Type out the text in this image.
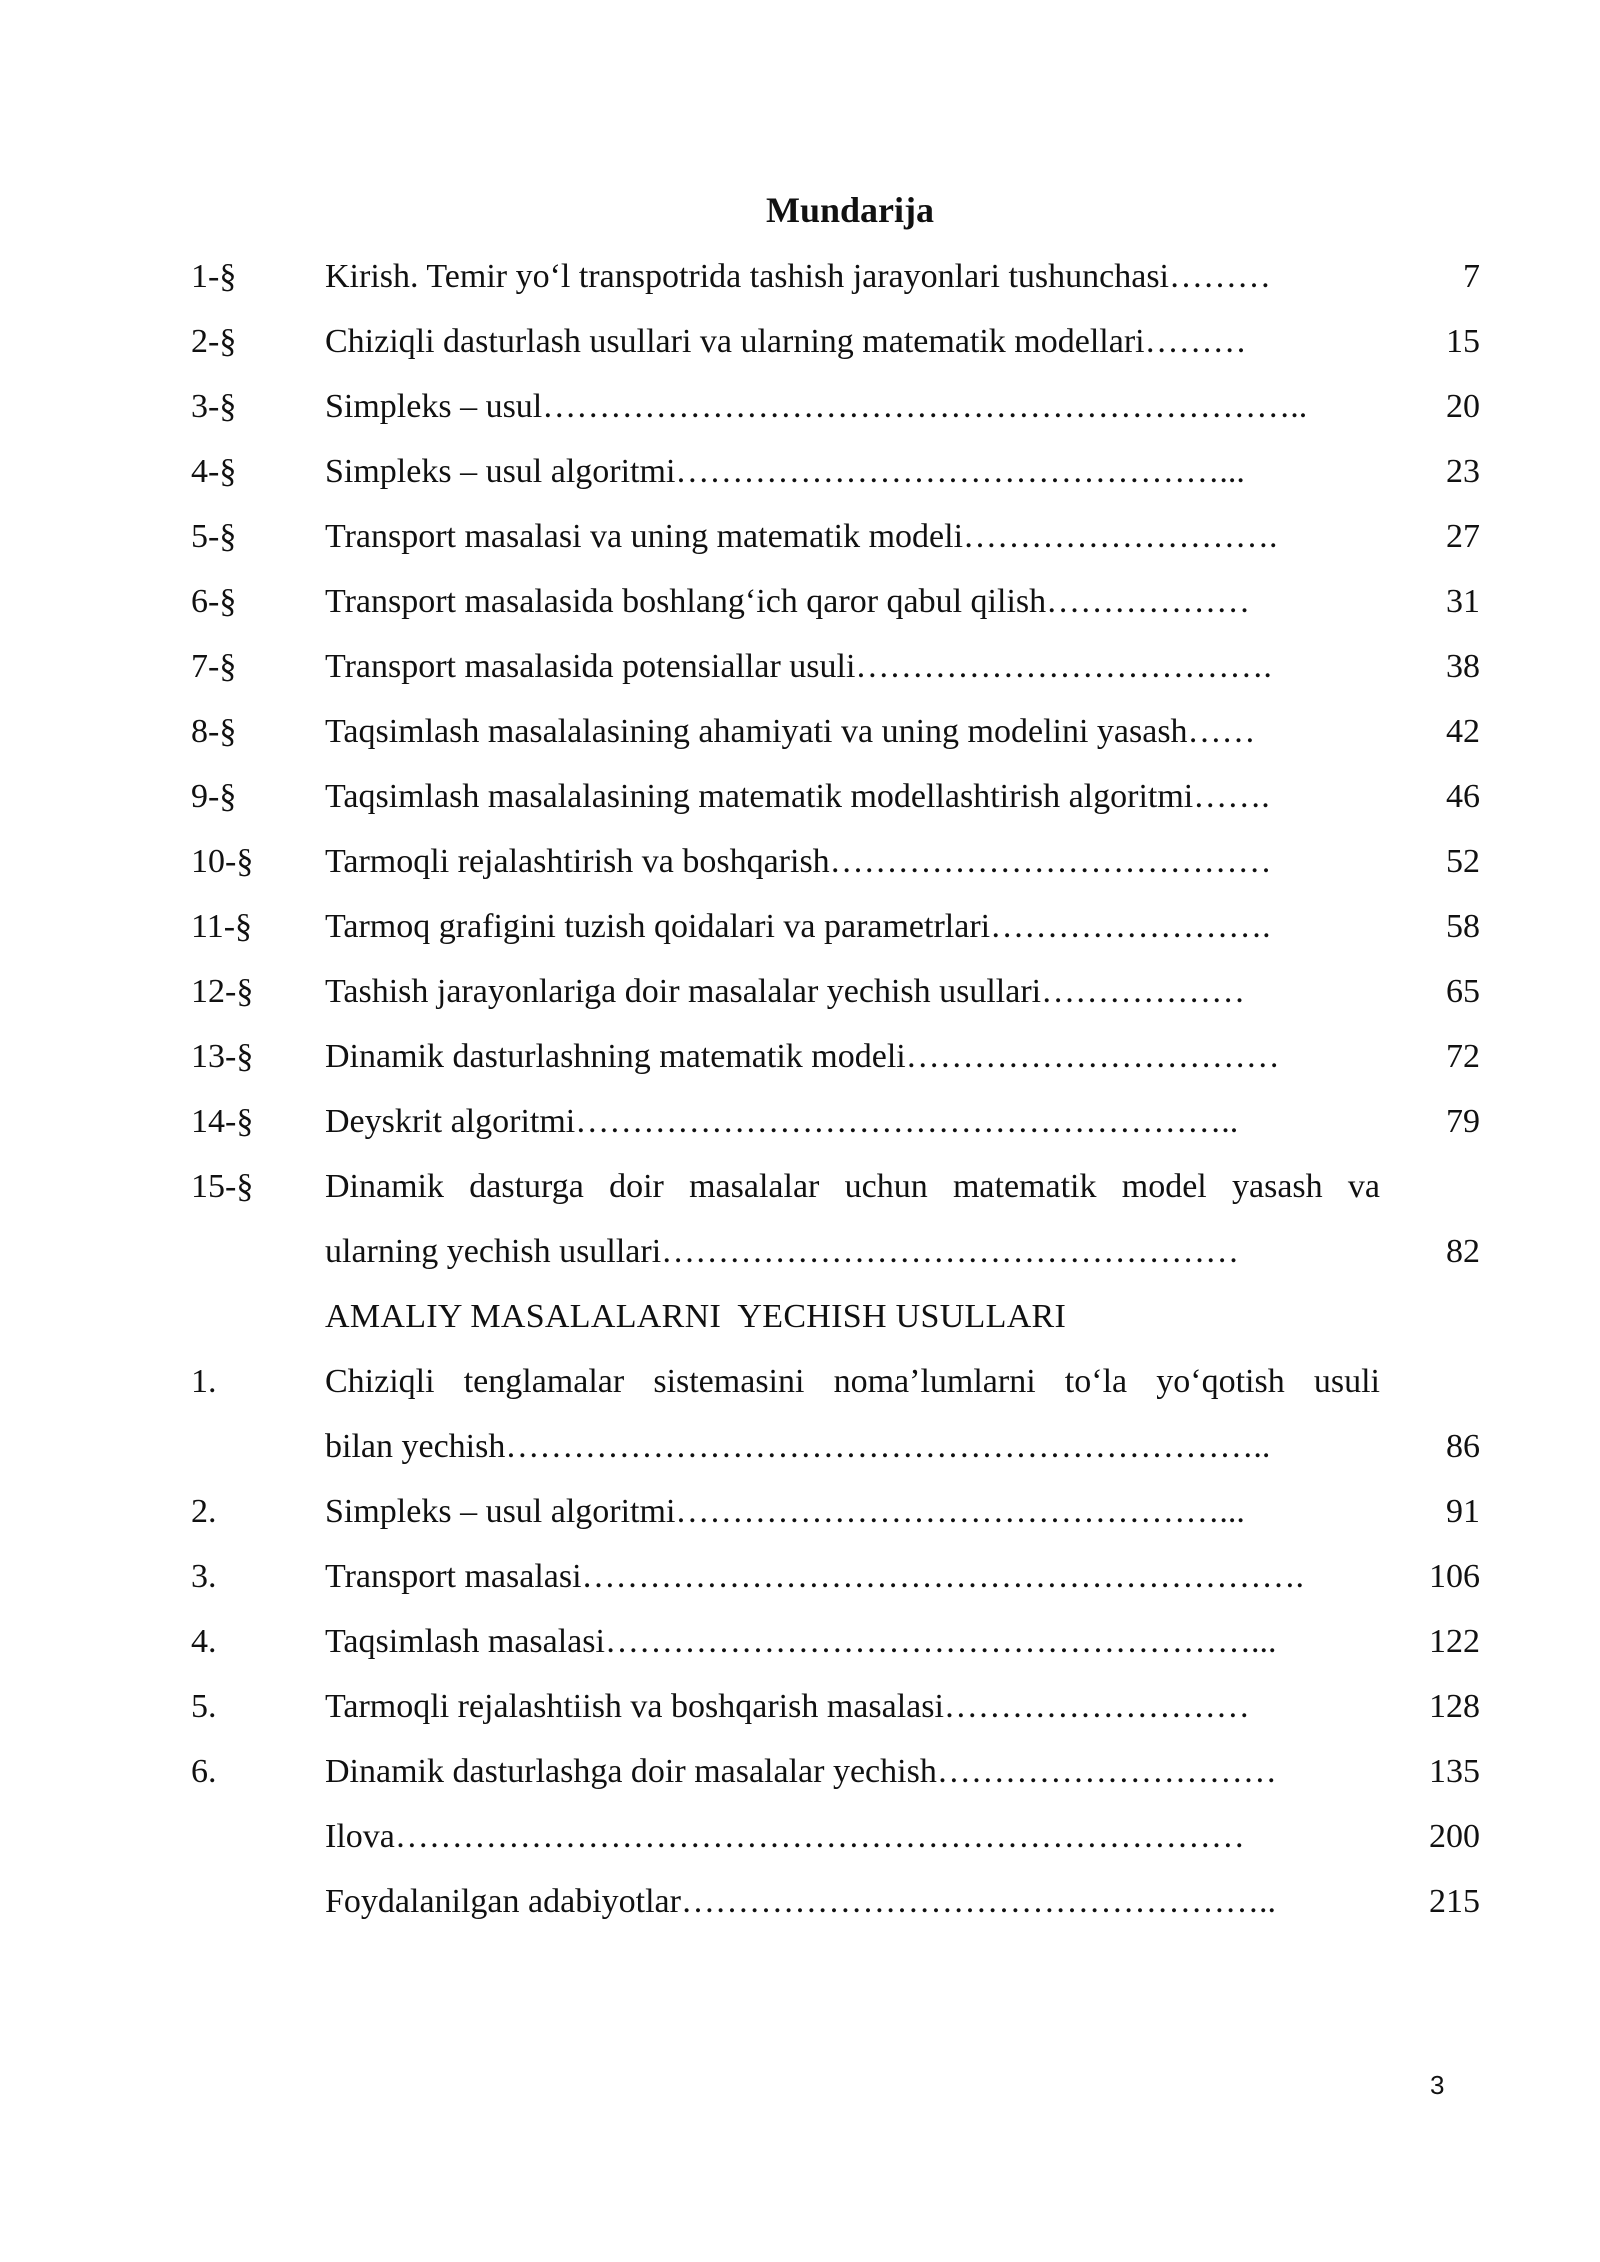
Mundarija
1-§	Kirish. Temir yo‘l transpotrida tashish jarayonlari tushunchasi………	7
2-§	Chiziqli dasturlash usullari va ularning matematik modellari………	15
3-§	Simpleks – usul…………………………………………………………..	20
4-§	Simpleks – usul algoritmi…………………………………………...	23
5-§	Transport masalasi va uning matematik modeli……………………….	27
6-§	Transport masalasida boshlang‘ich qaror qabul qilish………………	31
7-§	Transport masalasida potensiallar usuli……………………………….	38
8-§	Taqsimlash masalalasining ahamiyati va uning modelini yasash……	42
9-§	Taqsimlash masalalasining matematik modellashtirish algoritmi…….	46
10-§ Tarmoqli rejalashtirish va boshqarish…………………………………	52
11-§ Tarmoq grafigini tuzish qoidalari va parametrlari…………………….	58
12-§ Tashish jarayonlariga doir masalalar yechish usullari………………	65
13-§ Dinamik dasturlashning matematik modeli……………………………	72
14-§ Deyskrit algoritmi…………………………………………………..	79
15-§ Dinamik dasturga doir masalalar uchun matematik model yasash va
ularning yechish usullari……………………………………………	82
AMALIY MASALALARNI  YECHISH USULLARI
1.	Chiziqli tenglamalar sistemasini noma’lumlarni to‘la yo‘qotish usuli
bilan yechish…………………………………………………………..	86
2.	Simpleks – usul algoritmi…………………………………………...	91
3.	Transport masalasi……………………………………………………….	106
4.	Taqsimlash masalasi…………………………………………………...	122
5.	Tarmoqli rejalashtiish va boshqarish masalasi………………………	128
6.	Dinamik dasturlashga doir masalalar yechish…………………………	135
Ilova…………………………………………………………………	200
Foydalanilgan adabiyotlar……………………………………………..	215
3
